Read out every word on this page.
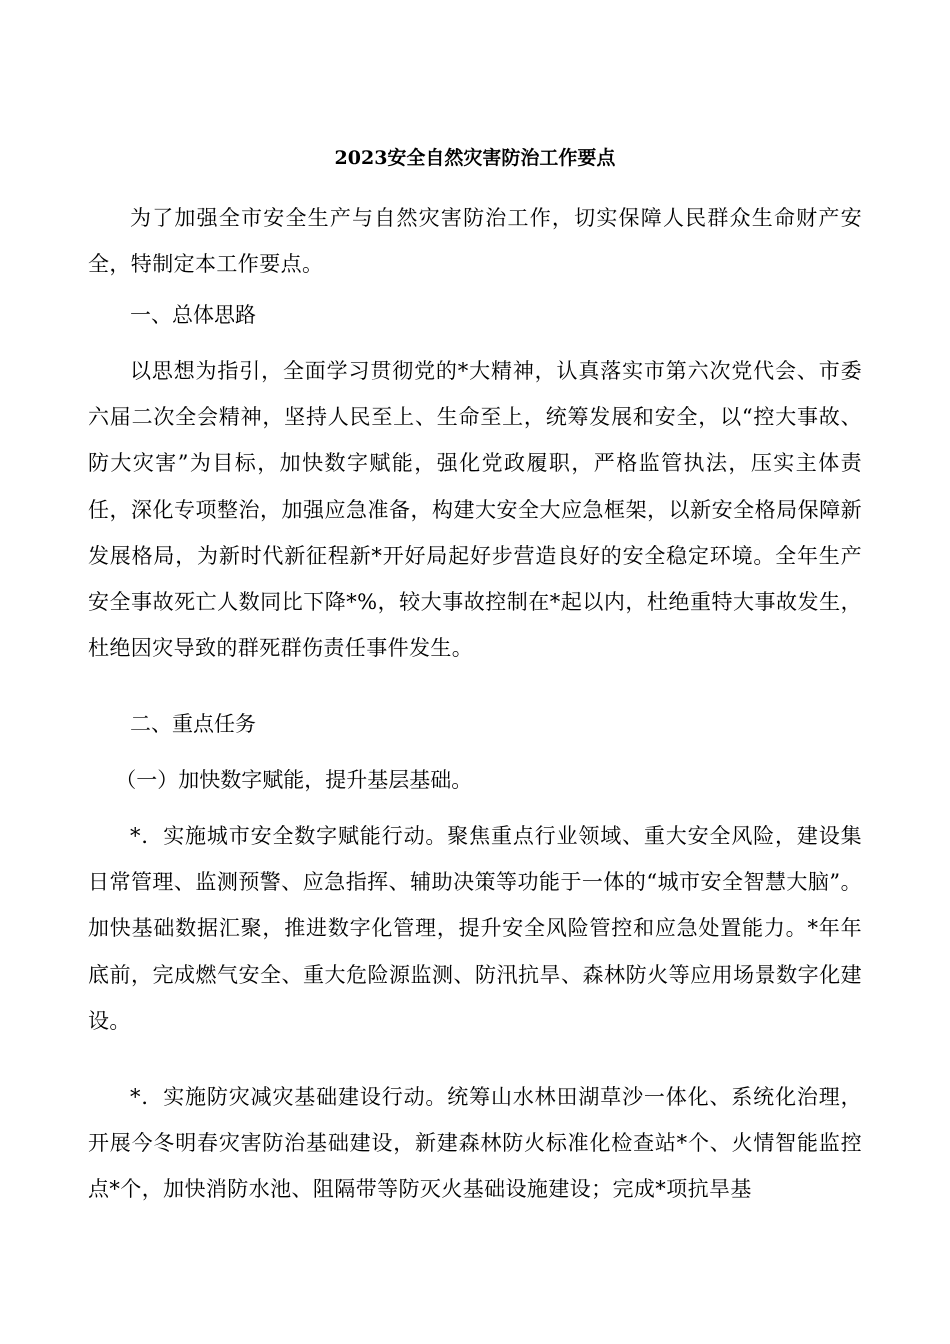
2023安全自然灾害防治工作要点

为了加强全市安全生产与自然灾害防治工作，切实保障人民群众生命财产安全，特制定本工作要点。

一、总体思路

以思想为指引，全面学习贯彻党的*大精神，认真落实市第六次党代会、市委六届二次全会精神，坚持人民至上、生命至上，统筹发展和安全，以“控大事故、防大灾害”为目标，加快数字赋能，强化党政履职，严格监管执法，压实主体责任，深化专项整治，加强应急准备，构建大安全大应急框架，以新安全格局保障新发展格局，为新时代新征程新*开好局起好步营造良好的安全稳定环境。全年生产安全事故死亡人数同比下降*%，较大事故控制在*起以内，杜绝重特大事故发生，杜绝因灾导致的群死群伤责任事件发生。

二、重点任务

（一）加快数字赋能，提升基层基础。

*．实施城市安全数字赋能行动。聚焦重点行业领域、重大安全风险，建设集日常管理、监测预警、应急指挥、辅助决策等功能于一体的“城市安全智慧大脑”。加快基础数据汇聚，推进数字化管理，提升安全风险管控和应急处置能力。*年年底前，完成燃气安全、重大危险源监测、防汛抗旱、森林防火等应用场景数字化建设。

*．实施防灾减灾基础建设行动。统筹山水林田湖草沙一体化、系统化治理，开展今冬明春灾害防治基础建设，新建森林防火标准化检查站*个、火情智能监控点*个，加快消防水池、阻隔带等防灭火基础设施建设；完成*项抗旱基
